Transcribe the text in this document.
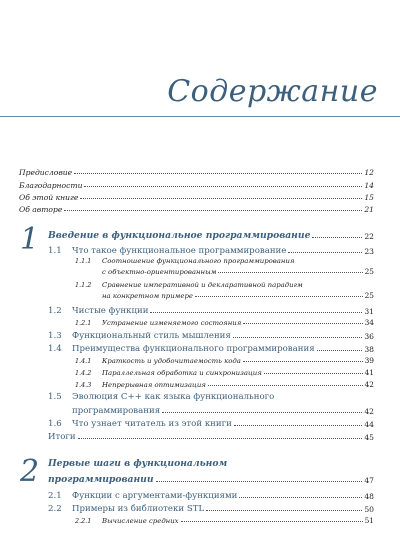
Содержание
Предисловие	12
Благодарности	14
Об этой книге	15
Об авторе	21
1 Введение в функциональное программирование	22
1.1 Что такое функциональное программирование	23
1.1.1 Соотношение функционального программирования
с объектно-ориентированным	25
1.1.2 Сравнение императивной и декларативной парадигм
на конкретном примере	25
1.2 Чистые функции	31
1.2.1 Устранение изменяемого состояния	34
1.3 Функциональный стиль мышления	36
1.4 Преимущества функционального программирования	38
1.4.1 Краткость и удобочитаемость кода	39
1.4.2 Параллельная обработка и синхронизация	41
1.4.3 Непрерывная оптимизация	42
1.5 Эволюция C++ как языка функционального
программирования	42
1.6 Что узнает читатель из этой книги	44
Итоги	45
2 Первые шаги в функциональном
программировании	47
2.1 Функции с аргументами-функциями	48
2.2 Примеры из библиотеки STL	50
2.2.1 Вычисление средних	51
